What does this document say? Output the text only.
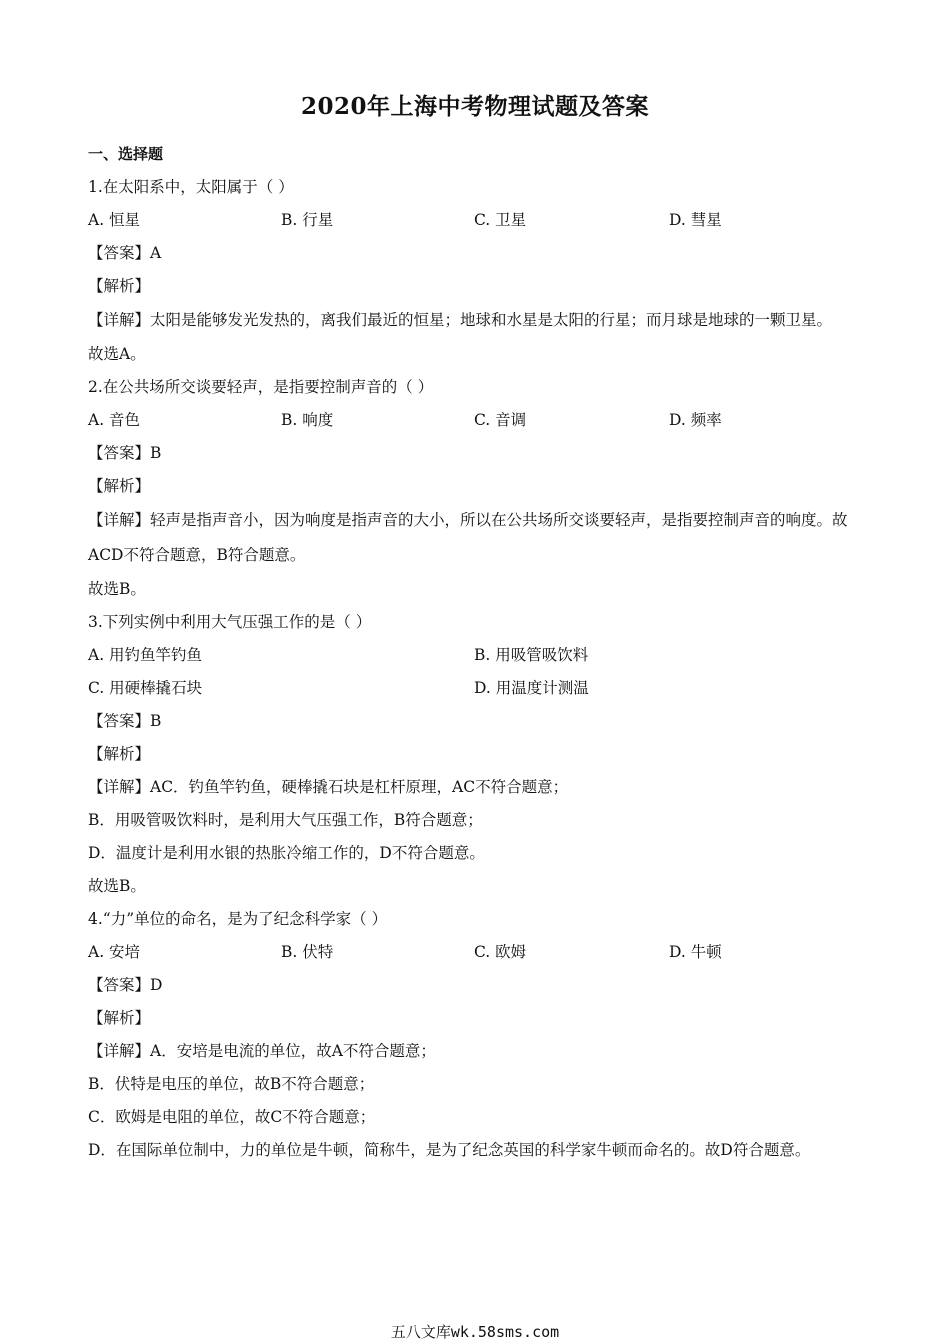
2020年上海中考物理试题及答案
一、选择题
1.在太阳系中，太阳属于（ ）
A. 恒星	B. 行星	C. 卫星	D. 彗星
【答案】A
【解析】
【详解】太阳是能够发光发热的，离我们最近的恒星；地球和水星是太阳的行星；而月球是地球的一颗卫星。
故选A。
2.在公共场所交谈要轻声，是指要控制声音的（ ）
A. 音色	B. 响度	C. 音调	D. 频率
【答案】B
【解析】
【详解】轻声是指声音小，因为响度是指声音的大小，所以在公共场所交谈要轻声，是指要控制声音的响度。故ACD不符合题意，B符合题意。
故选B。
3.下列实例中利用大气压强工作的是（ ）
A. 用钓鱼竿钓鱼	B. 用吸管吸饮料
C. 用硬棒撬石块	D. 用温度计测温
【答案】B
【解析】
【详解】AC．钓鱼竿钓鱼，硬棒撬石块是杠杆原理，AC不符合题意；
B．用吸管吸饮料时，是利用大气压强工作，B符合题意；
D．温度计是利用水银的热胀冷缩工作的，D不符合题意。
故选B。
4.“力”单位的命名，是为了纪念科学家（ ）
A. 安培	B. 伏特	C. 欧姆	D. 牛顿
【答案】D
【解析】
【详解】A．安培是电流的单位，故A不符合题意；
B．伏特是电压的单位，故B不符合题意；
C．欧姆是电阻的单位，故C不符合题意；
D．在国际单位制中，力的单位是牛顿，简称牛，是为了纪念英国的科学家牛顿而命名的。故D符合题意。
五八文库wk.58sms.com
